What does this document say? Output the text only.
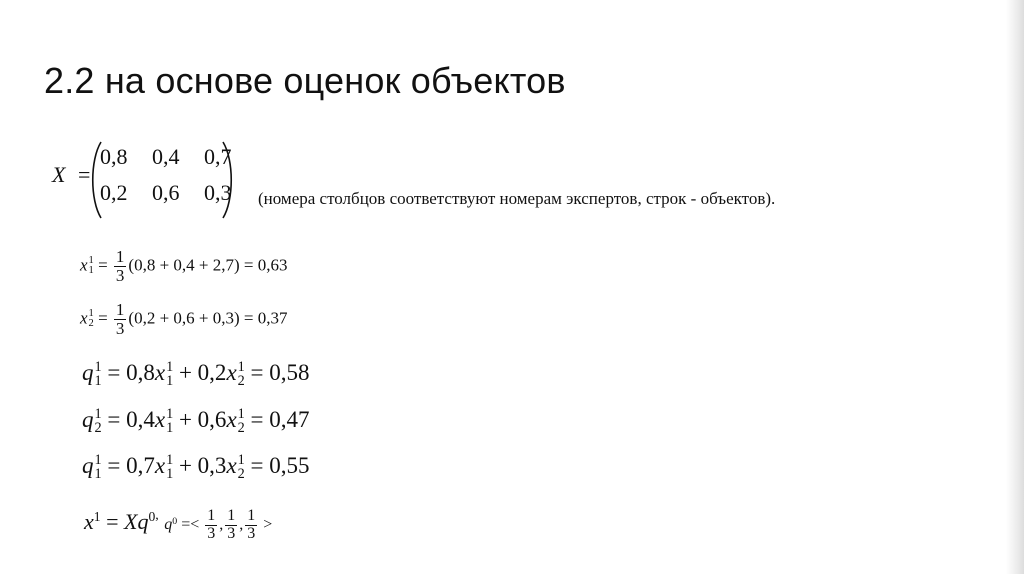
2.2 на основе оценок объектов
X =
0,8	0,4	0,7
0,2	0,6	0,3	(номера столбцов соответствуют номерам экспертов, строк - объектов).
x 1
$1 = \frac{1}{3} (0,8 + 0,4 + 2,7) = 0,63$
x 1
$2 = \frac{1}{3} (0,2 + 0,6 + 0,3) = 0,37$
q 1
1 = 0,8x 1
1 + 0,2x 1
2 = 0,58
q 1
2 = 0,4x 1
1 + 0,6x 1
2 = 0,47
q 1
1 = 0,7x 1
1 + 0,3x 1
2 = 0,55
x1 = Xq0, $q0 =< \frac{1}{3}$ , $\frac{1}{3}$ , $\frac{1}{3}$ >
